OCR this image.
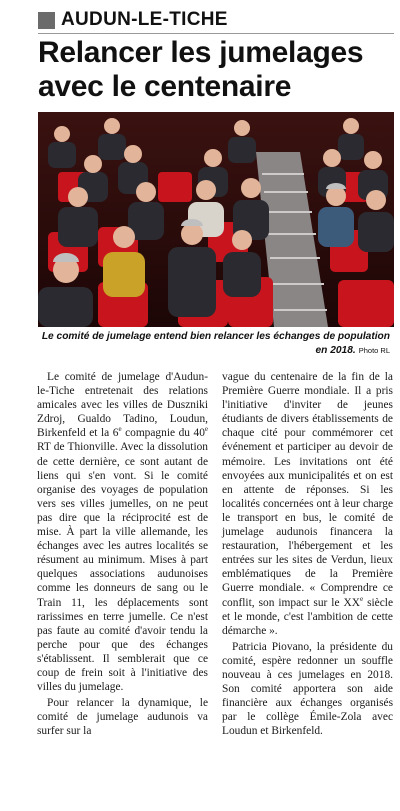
AUDUN-LE-TICHE
Relancer les jumelages avec le centenaire
Le comité de jumelage entend bien relancer les échanges de population en 2018. Photo RL

Le comité de jumelage d'Audun-le-Tiche entretenait des relations amicales avec les villes de Duszniki Zdroj, Gualdo Tadino, Loudun, Birkenfeld et la 6e compagnie du 40e RT de Thionville. Avec la dissolution de cette dernière, ce sont autant de liens qui s'en vont. Si le comité organise des voyages de population vers ses villes jumelles, on ne peut pas dire que la réciprocité est de mise. À part la ville allemande, les échanges avec les autres localités se résument au minimum. Mises à part quelques associations audunoises comme les donneurs de sang ou le Train 11, les déplacements sont rarissimes en terre jumelle. Ce n'est pas faute au comité d'avoir tendu la perche pour que des échanges s'établissent. Il semblerait que ce coup de frein soit à l'initiative des villes du jumelage.

Pour relancer la dynamique, le comité de jumelage audunois va surfer sur la

vague du centenaire de la fin de la Première Guerre mondiale. Il a pris l'initiative d'inviter de jeunes étudiants de divers établissements de chaque cité pour commémorer cet événement et participer au devoir de mémoire. Les invitations ont été envoyées aux municipalités et on est en attente de réponses. Si les localités concernées ont à leur charge le transport en bus, le comité de jumelage audunois financera la restauration, l'hébergement et les entrées sur les sites de Verdun, lieux emblématiques de la Première Guerre mondiale. « Comprendre ce conflit, son impact sur le XXe siècle et le monde, c'est l'ambition de cette démarche ».

Patricia Piovano, la présidente du comité, espère redonner un souffle nouveau à ces jumelages en 2018. Son comité apportera son aide financière aux échanges organisés par le collège Émile-Zola avec Loudun et Birkenfeld.
